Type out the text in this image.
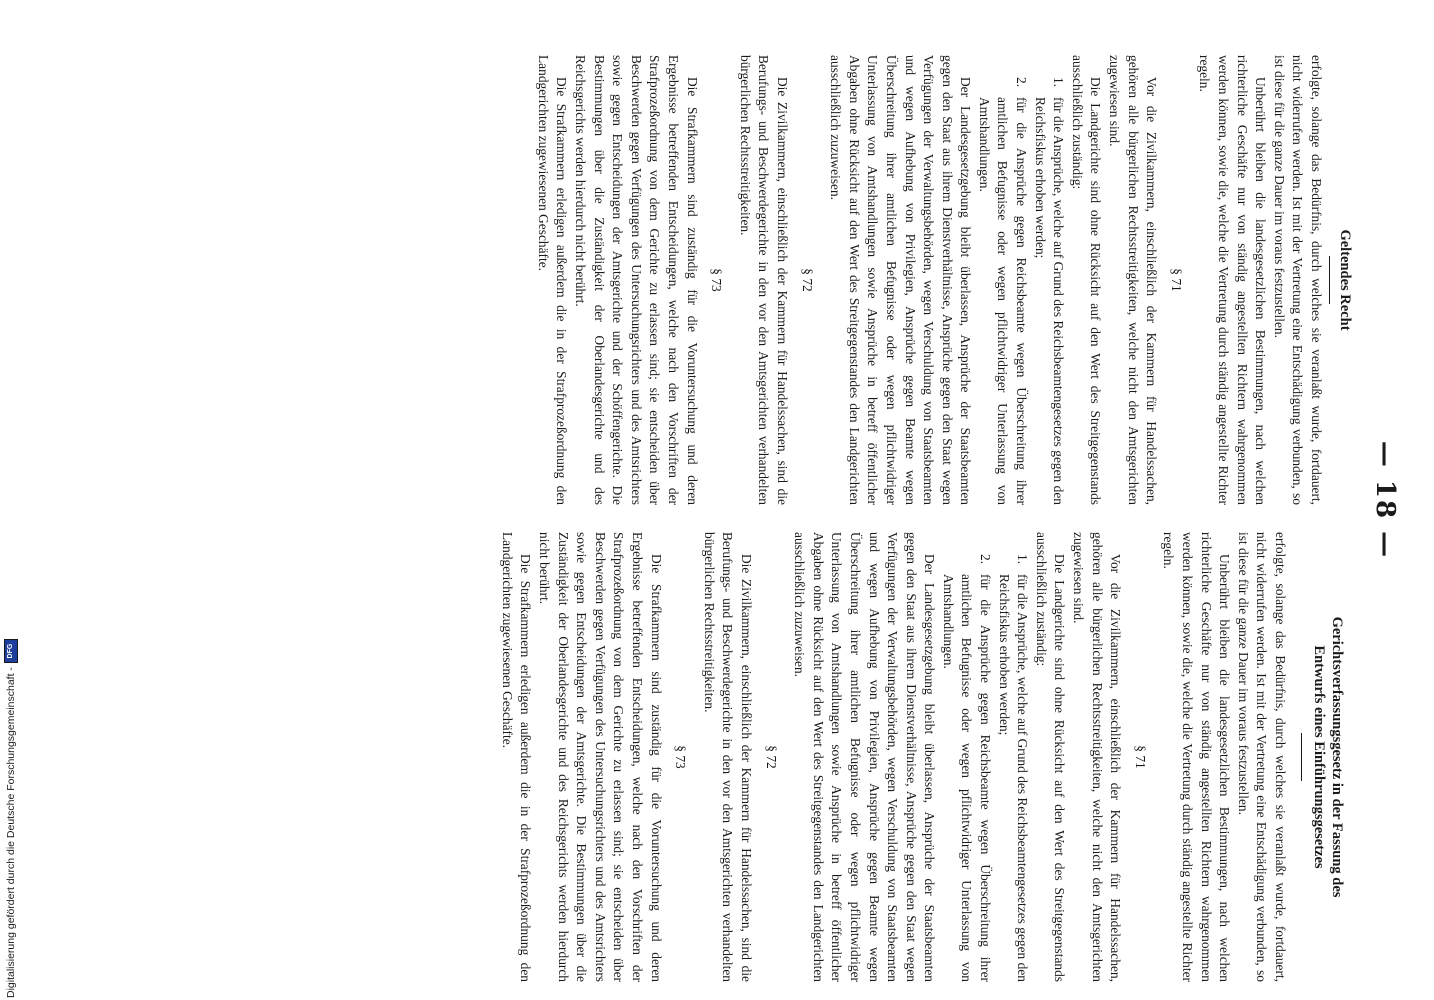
— 18 —
Geltendes Recht

erfolgte, solange das Bedürfnis, durch welches sie veranlaßt wurde, fortdauert, nicht widerrufen werden. Ist mit der Vertretung eine Entschädigung verbunden, so ist diese für die ganze Dauer im voraus festzustellen.

Unberührt bleiben die landesgesetzlichen Bestimmungen, nach welchen richterliche Geschäfte nur von ständig angestellten Richtern wahrgenommen werden können, sowie die, welche die Vertretung durch ständig angestellte Richter regeln.

§ 71

Vor die Zivilkammern, einschließlich der Kammern für Handelssachen, gehören alle bürgerlichen Rechtsstreitigkeiten, welche nicht den Amtsgerichten zugewiesen sind.

Die Landgerichte sind ohne Rücksicht auf den Wert des Streitgegenstands ausschließlich zuständig:

1.
für die Ansprüche, welche auf Grund des Reichsbeamtengesetzes gegen den Reichsfiskus erhoben werden;
2.
für die Ansprüche gegen Reichsbeamte wegen Überschreitung ihrer amtlichen Befugnisse oder wegen pflichtwidriger Unterlassung von Amtshandlungen.

Der Landesgesetzgebung bleibt überlassen, Ansprüche der Staatsbeamten gegen den Staat aus ihrem Dienstverhältnisse, Ansprüche gegen den Staat wegen Verfügungen der Verwaltungsbehörden, wegen Verschuldung von Staatsbeamten und wegen Aufhebung von Privilegien, Ansprüche gegen Beamte wegen Überschreitung ihrer amtlichen Befugnisse oder wegen pflichtwidriger Unterlassung von Amtshandlungen sowie Ansprüche in betreff öffentlicher Abgaben ohne Rücksicht auf den Wert des Streitgegenstandes den Landgerichten ausschließlich zuzuweisen.

§ 72

Die Zivilkammern, einschließlich der Kammern für Handelssachen, sind die Berufungs- und Beschwerdegerichte in den vor den Amtsgerichten verhandelten bürgerlichen Rechtsstreitigkeiten.

§ 73

Die Strafkammern sind zuständig für die Voruntersuchung und deren Ergebnisse betreffenden Entscheidungen, welche nach den Vorschriften der Strafprozeßordnung von dem Gerichte zu erlassen sind; sie entscheiden über Beschwerden gegen Verfügungen des Untersuchungsrichters und des Amtsrichters sowie gegen Entscheidungen der Amtsgerichte und der Schöffengerichte. Die Bestimmungen über die Zuständigkeit der Oberlandesgerichte und des Reichsgerichts werden hierdurch nicht berührt.

Die Strafkammern erledigen außerdem die in der Strafprozeßordnung den Landgerichten zugewiesenen Geschäfte.

Gerichtsverfassungsgesetz in der Fassung des
Entwurfs eines Einführungsgesetzes

erfolgte, solange das Bedürfnis, durch welches sie veranlaßt wurde, fortdauert, nicht widerrufen werden. Ist mit der Vertretung eine Entschädigung verbunden, so ist diese für die ganze Dauer im voraus festzustellen.

Unberührt bleiben die landesgesetzlichen Bestimmungen, nach welchen richterliche Geschäfte nur von ständig angestellten Richtern wahrgenommen werden können, sowie die, welche die Vertretung durch ständig angestellte Richter regeln.

§ 71

Vor die Zivilkammern, einschließlich der Kammern für Handelssachen, gehören alle bürgerlichen Rechtsstreitigkeiten, welche nicht den Amtsgerichten zugewiesen sind.

Die Landgerichte sind ohne Rücksicht auf den Wert des Streitgegenstands ausschließlich zuständig:

1.
für die Ansprüche, welche auf Grund des Reichsbeamtengesetzes gegen den Reichsfiskus erhoben werden;
2.
für die Ansprüche gegen Reichsbeamte wegen Überschreitung ihrer amtlichen Befugnisse oder wegen pflichtwidriger Unterlassung von Amtshandlungen.

Der Landesgesetzgebung bleibt überlassen, Ansprüche der Staatsbeamten gegen den Staat aus ihrem Dienstverhältnisse, Ansprüche gegen den Staat wegen Verfügungen der Verwaltungsbehörden, wegen Verschuldung von Staatsbeamten und wegen Aufhebung von Privilegien, Ansprüche gegen Beamte wegen Überschreitung ihrer amtlichen Befugnisse oder wegen pflichtwidriger Unterlassung von Amtshandlungen sowie Ansprüche in betreff öffentlicher Abgaben ohne Rücksicht auf den Wert des Streitgegenstandes den Landgerichten ausschließlich zuzuweisen.

§ 72

Die Zivilkammern, einschließlich der Kammern für Handelssachen, sind die Berufungs- und Beschwerdegerichte in den vor den Amtsgerichten verhandelten bürgerlichen Rechtsstreitigkeiten.

§ 73

Die Strafkammern sind zuständig für die Voruntersuchung und deren Ergebnisse betreffenden Entscheidungen, welche nach den Vorschriften der Strafprozeßordnung von dem Gerichte zu erlassen sind; sie entscheiden über Beschwerden gegen Verfügungen des Untersuchungsrichters und des Amtsrichters sowie gegen Entscheidungen der Amtsgerichte. Die Bestimmungen über die Zuständigkeit der Oberlandesgerichte und des Reichsgerichts werden hierdurch nicht berührt.

Die Strafkammern erledigen außerdem die in der Strafprozeßordnung den Landgerichten zugewiesenen Geschäfte.

Digitalisierung gefördert durch die Deutsche Forschungsgemeinschaft -
DFG
